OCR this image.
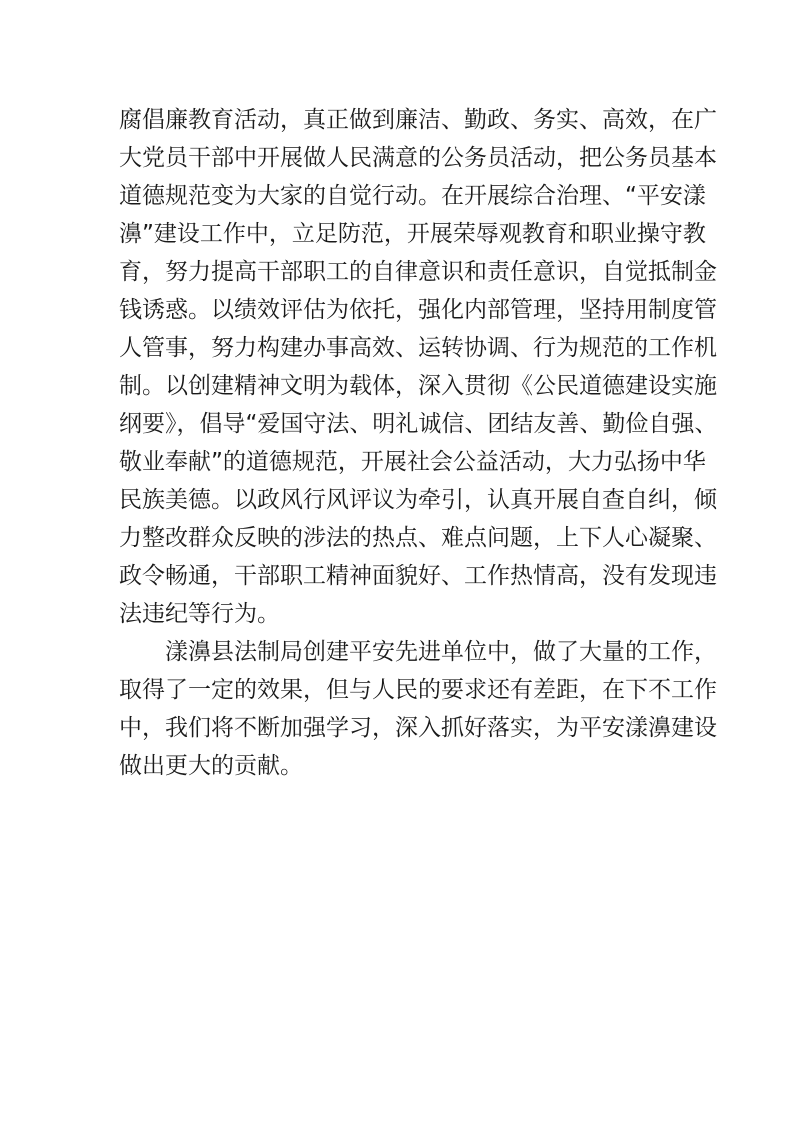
腐倡廉教育活动，真正做到廉洁、勤政、务实、高效，在广
大党员干部中开展做人民满意的公务员活动，把公务员基本
道德规范变为大家的自觉行动。在开展综合治理、“平安漾
濞”建设工作中，立足防范，开展荣辱观教育和职业操守教
育，努力提高干部职工的自律意识和责任意识，自觉抵制金
钱诱惑。以绩效评估为依托，强化内部管理，坚持用制度管
人管事，努力构建办事高效、运转协调、行为规范的工作机
制。以创建精神文明为载体，深入贯彻《公民道德建设实施
纲要》，倡导“爱国守法、明礼诚信、团结友善、勤俭自强、
敬业奉献”的道德规范，开展社会公益活动，大力弘扬中华
民族美德。以政风行风评议为牵引，认真开展自查自纠，倾
力整改群众反映的涉法的热点、难点问题，上下人心凝聚、
政令畅通，干部职工精神面貌好、工作热情高，没有发现违
法违纪等行为。
漾濞县法制局创建平安先进单位中，做了大量的工作，
取得了一定的效果，但与人民的要求还有差距，在下不工作
中，我们将不断加强学习，深入抓好落实，为平安漾濞建设
做出更大的贡献。
